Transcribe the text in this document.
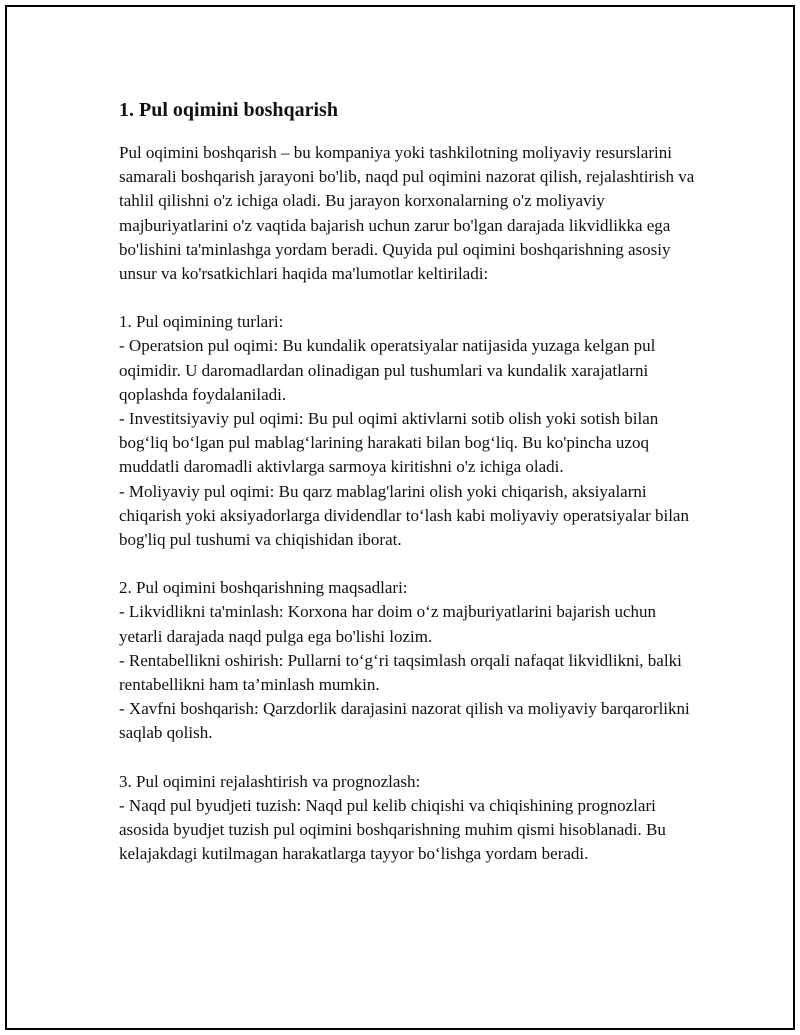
1. Pul oqimini boshqarish

Pul oqimini boshqarish – bu kompaniya yoki tashkilotning moliyaviy resurslarini samarali boshqarish jarayoni bo'lib, naqd pul oqimini nazorat qilish, rejalashtirish va tahlil qilishni o'z ichiga oladi. Bu jarayon korxonalarning o'z moliyaviy majburiyatlarini o'z vaqtida bajarish uchun zarur bo'lgan darajada likvidlikka ega bo'lishini ta'minlashga yordam beradi. Quyida pul oqimini boshqarishning asosiy unsur va ko'rsatkichlari haqida ma'lumotlar keltiriladi:

1. Pul oqimining turlari:

- Operatsion pul oqimi: Bu kundalik operatsiyalar natijasida yuzaga kelgan pul oqimidir. U daromadlardan olinadigan pul tushumlari va kundalik xarajatlarni qoplashda foydalaniladi.

- Investitsiyaviy pul oqimi: Bu pul oqimi aktivlarni sotib olish yoki sotish bilan bog‘liq bo‘lgan pul mablag‘larining harakati bilan bog‘liq. Bu ko'pincha uzoq muddatli daromadli aktivlarga sarmoya kiritishni o'z ichiga oladi.

- Moliyaviy pul oqimi: Bu qarz mablag'larini olish yoki chiqarish, aksiyalarni chiqarish yoki aksiyadorlarga dividendlar to‘lash kabi moliyaviy operatsiyalar bilan bog'liq pul tushumi va chiqishidan iborat.

2. Pul oqimini boshqarishning maqsadlari:

- Likvidlikni ta'minlash: Korxona har doim o‘z majburiyatlarini bajarish uchun yetarli darajada naqd pulga ega bo'lishi lozim.

- Rentabellikni oshirish: Pullarni to‘g‘ri taqsimlash orqali nafaqat likvidlikni, balki rentabellikni ham ta’minlash mumkin.

- Xavfni boshqarish: Qarzdorlik darajasini nazorat qilish va moliyaviy barqarorlikni saqlab qolish.

3. Pul oqimini rejalashtirish va prognozlash:

- Naqd pul byudjeti tuzish: Naqd pul kelib chiqishi va chiqishining prognozlari asosida byudjet tuzish pul oqimini boshqarishning muhim qismi hisoblanadi. Bu kelajakdagi kutilmagan harakatlarga tayyor bo‘lishga yordam beradi.
